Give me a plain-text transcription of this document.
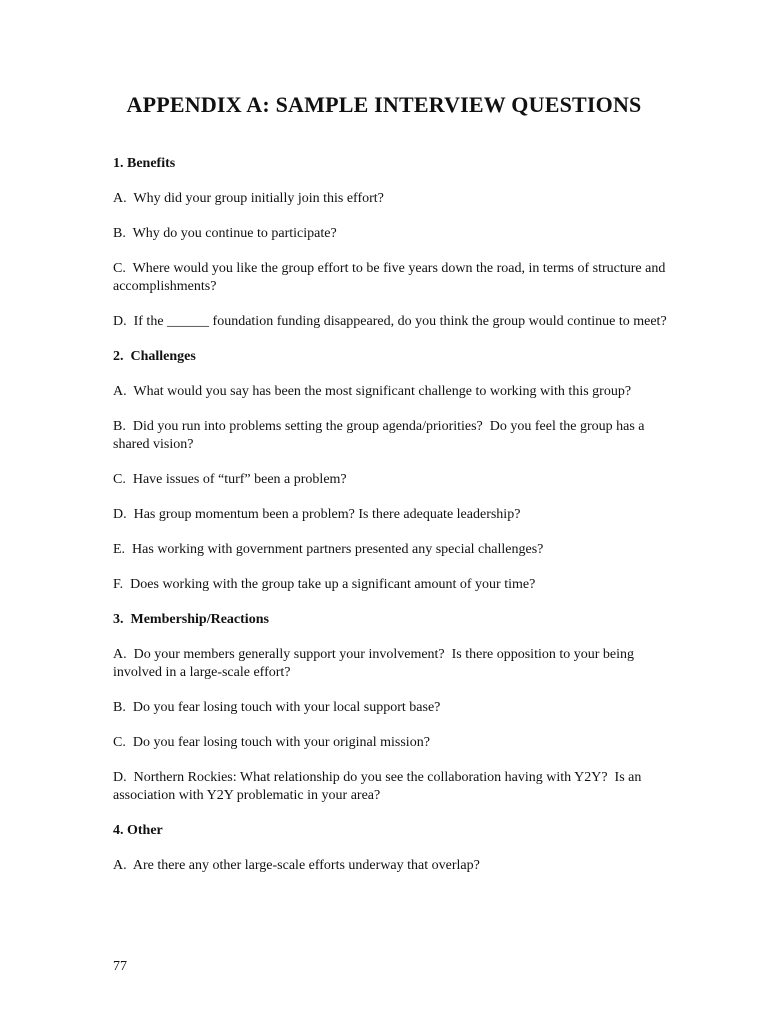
APPENDIX A: SAMPLE INTERVIEW QUESTIONS

1. Benefits

A.  Why did your group initially join this effort?

B.  Why do you continue to participate?

C.  Where would you like the group effort to be five years down the road, in terms of structure and accomplishments?

D.  If the ______ foundation funding disappeared, do you think the group would continue to meet?

2.  Challenges

A.  What would you say has been the most significant challenge to working with this group?

B.  Did you run into problems setting the group agenda/priorities?  Do you feel the group has a shared vision?

C.  Have issues of “turf” been a problem?

D.  Has group momentum been a problem? Is there adequate leadership?

E.  Has working with government partners presented any special challenges?

F.  Does working with the group take up a significant amount of your time?

3.  Membership/Reactions

A.  Do your members generally support your involvement?  Is there opposition to your being involved in a large-scale effort?

B.  Do you fear losing touch with your local support base?

C.  Do you fear losing touch with your original mission?

D.  Northern Rockies: What relationship do you see the collaboration having with Y2Y?  Is an association with Y2Y problematic in your area?

4. Other

A.  Are there any other large-scale efforts underway that overlap?

77
